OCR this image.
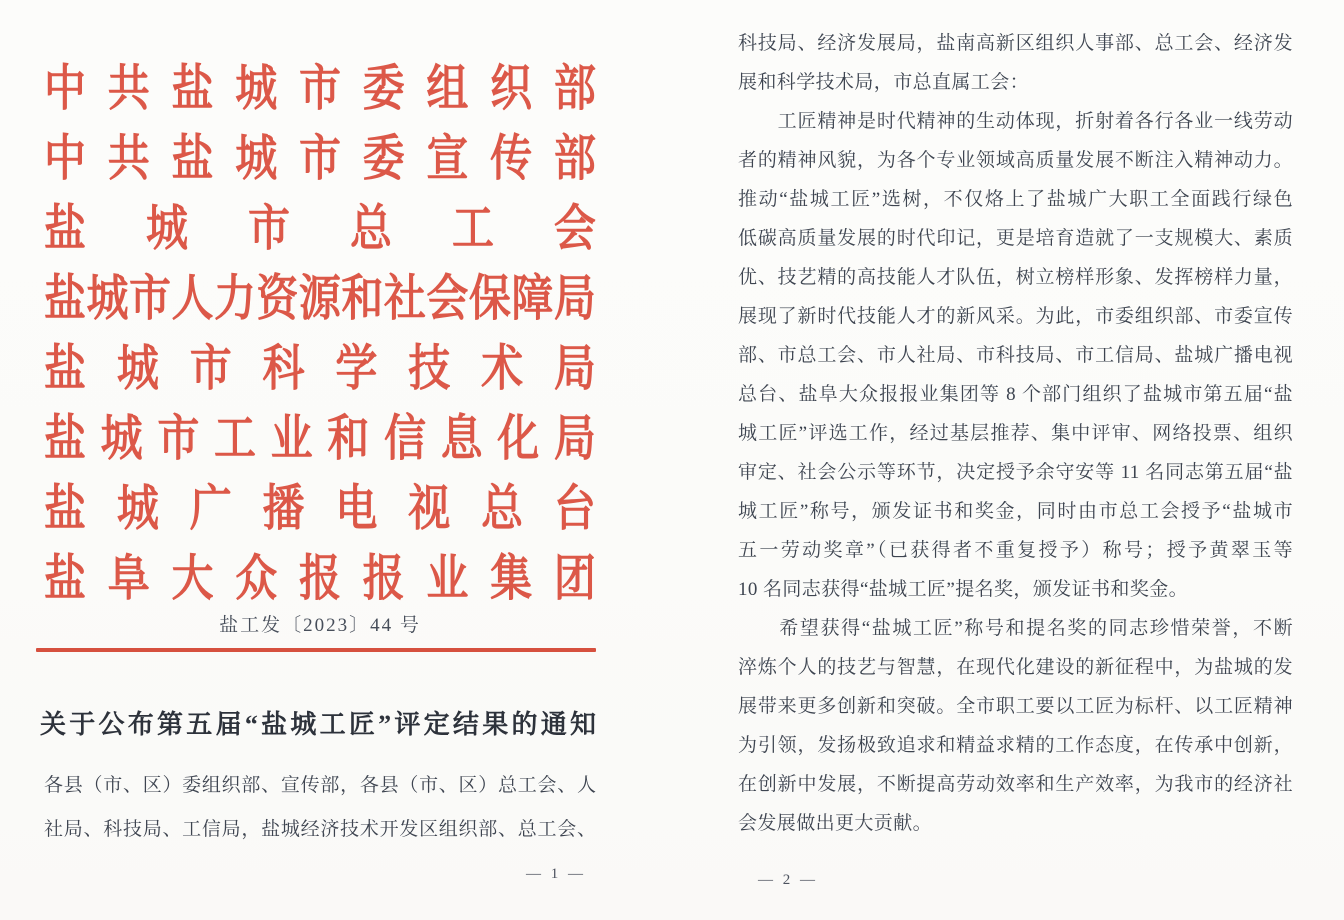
中 共 盐 城 市 委 组 织 部
中 共 盐 城 市 委 宣 传 部
盐 城 市 总 工 会
盐 城 市 人 力 资 源 和 社 会 保 障 局
盐 城 市 科 学 技 术 局
盐 城 市 工 业 和 信 息 化 局
盐 城 广 播 电 视 总 台
盐 阜 大 众 报 报 业 集 团
盐工发〔2023〕44 号
关于公布第五届“盐城工匠”评定结果的通知
各县（市、区）委组织部、宣传部，各县（市、区）总工会、人
社局、科技局、工信局，盐城经济技术开发区组织部、总工会、
— 1 —
科技局、经济发展局，盐南高新区组织人事部、总工会、经济发
展和科学技术局，市总直属工会：
　　工匠精神是时代精神的生动体现，折射着各行各业一线劳动
者的精神风貌，为各个专业领域高质量发展不断注入精神动力。
推动“盐城工匠”选树，不仅烙上了盐城广大职工全面践行绿色
低碳高质量发展的时代印记，更是培育造就了一支规模大、素质
优、技艺精的高技能人才队伍，树立榜样形象、发挥榜样力量，
展现了新时代技能人才的新风采。为此，市委组织部、市委宣传
部、市总工会、市人社局、市科技局、市工信局、盐城广播电视
总台、盐阜大众报报业集团等 8 个部门组织了盐城市第五届“盐
城工匠”评选工作，经过基层推荐、集中评审、网络投票、组织
审定、社会公示等环节，决定授予余守安等 11 名同志第五届“盐
城工匠”称号，颁发证书和奖金，同时由市总工会授予“盐城市
五一劳动奖章”（已获得者不重复授予）称号；授予黄翠玉等
10 名同志获得“盐城工匠”提名奖，颁发证书和奖金。
　　希望获得“盐城工匠”称号和提名奖的同志珍惜荣誉，不断
淬炼个人的技艺与智慧，在现代化建设的新征程中，为盐城的发
展带来更多创新和突破。全市职工要以工匠为标杆、以工匠精神
为引领，发扬极致追求和精益求精的工作态度，在传承中创新，
在创新中发展，不断提高劳动效率和生产效率，为我市的经济社
会发展做出更大贡献。
— 2 —
